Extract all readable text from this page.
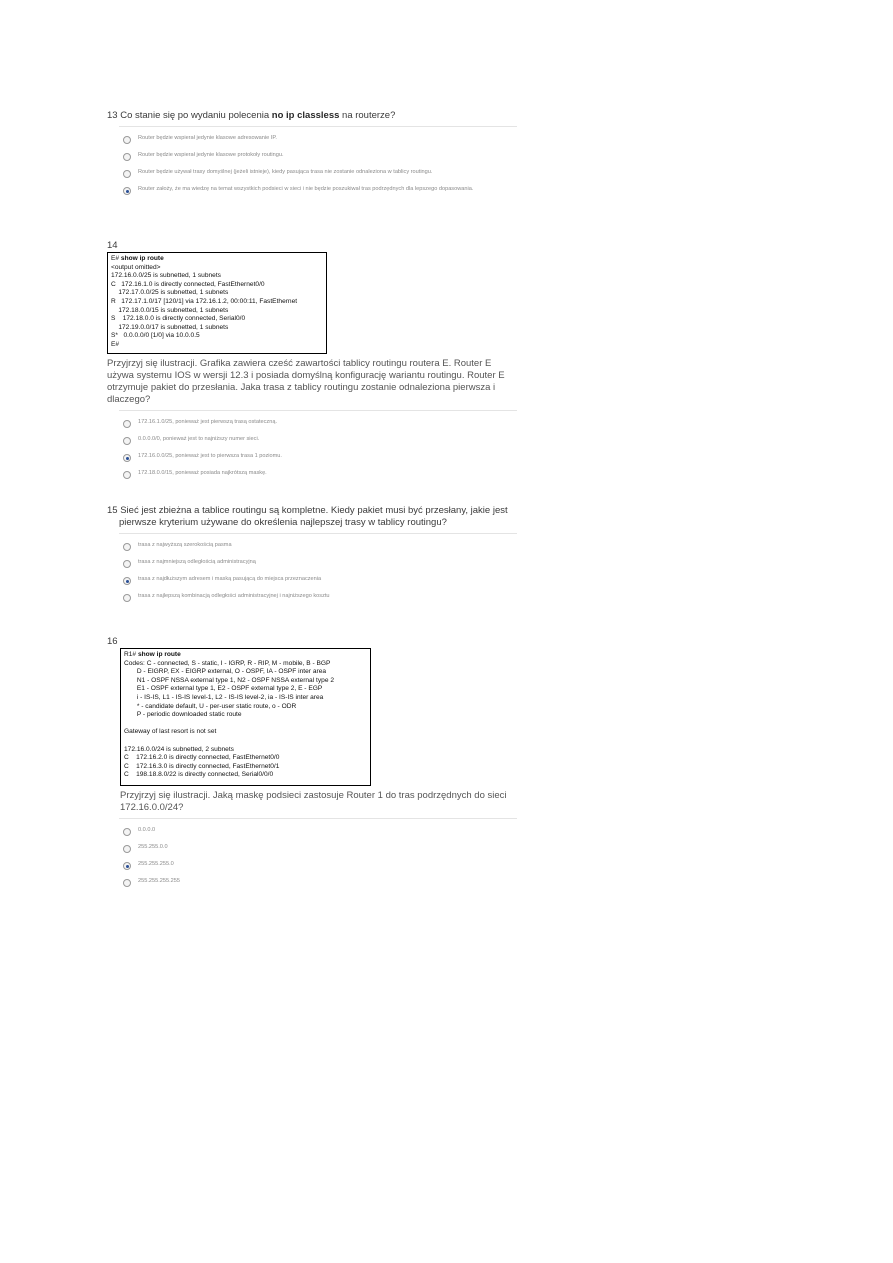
13 Co stanie się po wydaniu polecenia no ip classless na routerze?
Router będzie wspierał jedynie klasowe adresowanie IP.
Router będzie wspierał jedynie klasowe protokoły routingu.
Router będzie używał trasy domyślnej (jeżeli istnieje), kiedy pasująca trasa nie zostanie odnaleziona w tablicy routingu.
Router założy, że ma wiedzę na temat wszystkich podsieci w sieci i nie będzie poszukiwał tras podrzędnych dla lepszego dopasowania.
14
E# show ip route
<output omitted>
172.16.0.0/25 is subnetted, 1 subnets
C   172.16.1.0 is directly connected, FastEthernet0/0
172.17.0.0/25 is subnetted, 1 subnets
R   172.17.1.0/17 [120/1] via 172.16.1.2, 00:00:11, FastEthernet
172.18.0.0/15 is subnetted, 1 subnets
S    172.18.0.0 is directly connected, Serial0/0
172.19.0.0/17 is subnetted, 1 subnets
S*   0.0.0.0/0 [1/0] via 10.0.0.5
E#
Przyjrzyj się ilustracji. Grafika zawiera cześć zawartości tablicy routingu routera E. Router E używa systemu IOS w wersji 12.3 i posiada domyślną konfigurację wariantu routingu. Router E otrzymuje pakiet do przesłania. Jaka trasa z tablicy routingu zostanie odnaleziona pierwsza i dlaczego?
172.16.1.0/25, ponieważ jest pierwszą trasą ostateczną.
0.0.0.0/0, ponieważ jest to najniższy numer sieci.
172.16.0.0/25, ponieważ jest to pierwsza trasa 1 poziomu.
172.18.0.0/15, ponieważ posiada najkrótszą maskę.
15 Sieć jest zbieżna a tablice routingu są kompletne. Kiedy pakiet musi być przesłany, jakie jest
pierwsze kryterium używane do określenia najlepszej trasy w tablicy routingu?
trasa z najwyższą szerokością pasma
trasa z najmniejszą odległością administracyjną
trasa z najdłuższym adresem i maską pasującą do miejsca przeznaczenia
trasa z najlepszą kombinacją odległości administracyjnej i najniższego kosztu
16
R1# show ip route
Codes: C - connected, S - static, I - IGRP, R - RIP, M - mobile, B - BGP
D - EIGRP, EX - EIGRP external, O - OSPF, IA - OSPF inter area
N1 - OSPF NSSA external type 1, N2 - OSPF NSSA external type 2
E1 - OSPF external type 1, E2 - OSPF external type 2, E - EGP
i - IS-IS, L1 - IS-IS level-1, L2 - IS-IS level-2, ia - IS-IS inter area
* - candidate default, U - per-user static route, o - ODR
P - periodic downloaded static route

Gateway of last resort is not set

172.16.0.0/24 is subnetted, 2 subnets
C    172.16.2.0 is directly connected, FastEthernet0/0
C    172.16.3.0 is directly connected, FastEthernet0/1
C    198.18.8.0/22 is directly connected, Serial0/0/0
Przyjrzyj się ilustracji. Jaką maskę podsieci zastosuje Router 1 do tras podrzędnych do sieci 172.16.0.0/24?
0.0.0.0
255.255.0.0
255.255.255.0
255.255.255.255
